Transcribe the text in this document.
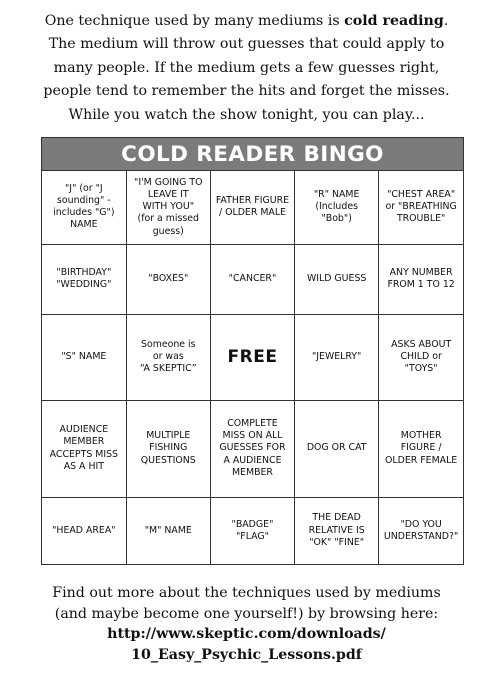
One technique used by many mediums is cold reading.
The medium will throw out guesses that could apply to
many people. If the medium gets a few guesses right,
people tend to remember the hits and forget the misses.
While you watch the show tonight, you can play...
COLD READER BINGO
"J" (or "J
sounding" -
includes "G")
NAME	"I'M GOING TO
LEAVE IT
WITH YOU"
(for a missed
guess)	FATHER FIGURE
/ OLDER MALE	"R" NAME
(Includes
"Bob")	"CHEST AREA"
or "BREATHING
TROUBLE"
"BIRTHDAY"
"WEDDING"	"BOXES"	"CANCER"	WILD GUESS	ANY NUMBER
FROM 1 TO 12
"S" NAME	Someone is
or was
“A SKEPTIC”	FREE	"JEWELRY"	ASKS ABOUT
CHILD or
"TOYS"
AUDIENCE
MEMBER
ACCEPTS MISS
AS A HIT	MULTIPLE
FISHING
QUESTIONS	COMPLETE
MISS ON ALL
GUESSES FOR
A AUDIENCE
MEMBER	DOG OR CAT	MOTHER
FIGURE /
OLDER FEMALE
"HEAD AREA"	"M" NAME	"BADGE"
"FLAG"	THE DEAD
RELATIVE IS
"OK" "FINE"	"DO YOU
UNDERSTAND?"
Find out more about the techniques used by mediums
(and maybe become one yourself!) by browsing here:
http://www.skeptic.com/downloads/
10_Easy_Psychic_Lessons.pdf
